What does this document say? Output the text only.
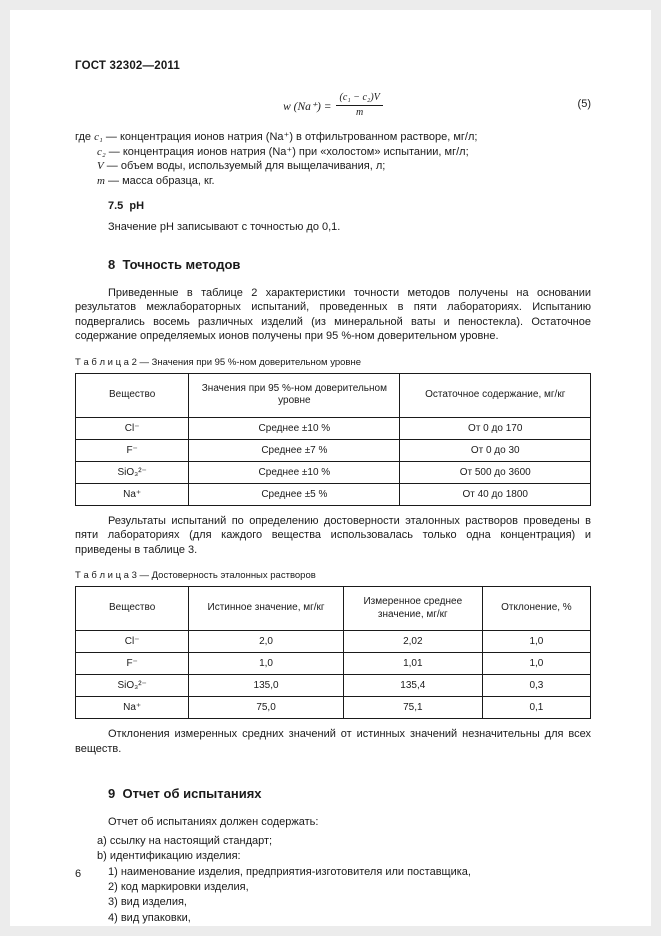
ГОСТ 32302—2011
w $(Na^+) = \frac{\text{(c₁ − c₂)V}}{m}$	(5)
где c₁ — концентрация ионов натрия (Na⁺) в отфильтрованном растворе, мг/л;
c₂ — концентрация ионов натрия (Na⁺) при «холостом» испытании, мг/л;
V — объем воды, используемый для выщелачивания, л;
m — масса образца, кг.
7.5  pH
Значение pH записывают с точностью до 0,1.
8  Точность методов
Приведенные в таблице 2 характеристики точности методов получены на основании результатов межлабораторных испытаний, проведенных в пяти лабораториях. Испытанию подвергались восемь различных изделий (из минеральной ваты и пеностекла). Остаточное содержание определяемых ионов получены при 95 %-ном доверительном уровне.
Т а б л и ц а 2 — Значения при 95 %-ном доверительном уровне
Вещество	Значения при 95 %-ном доверительном уровне	Остаточное содержание, мг/кг
Cl⁻	Среднее ±10 %	От 0 до 170
F⁻	Среднее ±7 %	От 0 до 30
SiO₃²⁻	Среднее ±10 %	От 500 до 3600
Na⁺	Среднее ±5 %	От 40 до 1800
Результаты испытаний по определению достоверности эталонных растворов проведены в пяти лабораториях (для каждого вещества использовалась только одна концентрация) и приведены в таблице 3.
Т а б л и ц а 3 — Достоверность эталонных растворов
Вещество	Истинное значение, мг/кг	Измеренное среднее значение, мг/кг	Отклонение, %
Cl⁻	2,0	2,02	1,0
F⁻	1,0	1,01	1,0
SiO₃²⁻	135,0	135,4	0,3
Na⁺	75,0	75,1	0,1
Отклонения измеренных средних значений от истинных значений незначительны для всех веществ.
9  Отчет об испытаниях
Отчет об испытаниях должен содержать:
a) ссылку на настоящий стандарт;
b) идентификацию изделия:
1) наименование изделия, предприятия-изготовителя или поставщика,
2) код маркировки изделия,
3) вид изделия,
4) вид упаковки,
5) форму поставки изделия в лабораторию.
6
